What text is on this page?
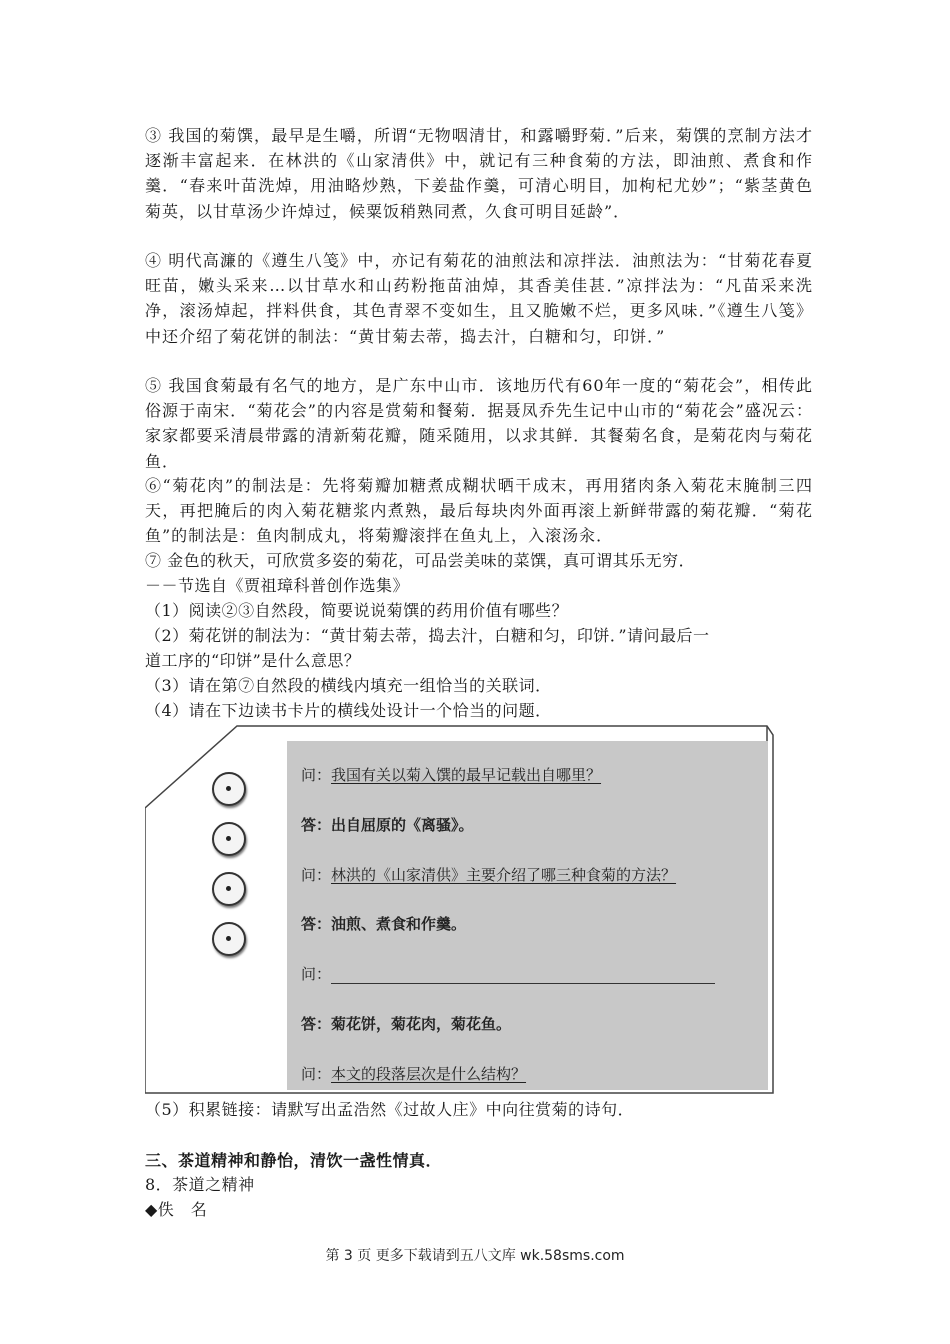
③ 我国的菊馔，最早是生嚼，所谓“无物咽清甘，和露嚼野菊．”后来，菊馔的烹制方法才逐渐丰富起来．在林洪的《山家清供》中，就记有三种食菊的方法，即油煎、煮食和作羹．“春来叶苗洗焯，用油略炒熟，下姜盐作羹，可清心明目，加枸杞尤妙”；“紫茎黄色菊英，以甘草汤少许焯过，候粟饭稍熟同煮，久食可明目延龄”．

④ 明代高濂的《遵生八笺》中，亦记有菊花的油煎法和凉拌法．油煎法为：“甘菊花春夏旺苗，嫩头采来…以甘草水和山药粉拖苗油焯，其香美佳甚．”凉拌法为：“凡苗采来洗净，滚汤焯起，拌料供食，其色青翠不变如生，且又脆嫩不烂，更多风味．”《遵生八笺》中还介绍了菊花饼的制法：“黄甘菊去蒂，捣去汁，白糖和匀，印饼．”

⑤ 我国食菊最有名气的地方，是广东中山市．该地历代有60年一度的“菊花会”，相传此俗源于南宋．“菊花会”的内容是赏菊和餐菊．据聂凤乔先生记中山市的“菊花会”盛况云：家家都要采清晨带露的清新菊花瓣，随采随用，以求其鲜．其餐菊名食，是菊花肉与菊花鱼．

⑥“菊花肉”的制法是：先将菊瓣加糖煮成糊状晒干成末，再用猪肉条入菊花末腌制三四天，再把腌后的肉入菊花糖浆内煮熟，最后每块肉外面再滚上新鲜带露的菊花瓣．“菊花鱼”的制法是：鱼肉制成丸，将菊瓣滚拌在鱼丸上，入滚汤汆．

⑦ 金色的秋天，可欣赏多姿的菊花，可品尝美味的菜馔，真可谓其乐无穷．

－－节选自《贾祖璋科普创作选集》

（1）阅读②③自然段，简要说说菊馔的药用价值有哪些？

（2）菊花饼的制法为：“黄甘菊去蒂，捣去汁，白糖和匀，印饼．”请问最后一

道工序的“印饼”是什么意思？

（3）请在第⑦自然段的横线内填充一组恰当的关联词．

（4）请在下边读书卡片的横线处设计一个恰当的问题．

问：我国有关以菊入馔的最早记载出自哪里？
答：出自屈原的《离骚》。
问：林洪的《山家清供》主要介绍了哪三种食菊的方法？
答：油煎、煮食和作羹。
问：
答：菊花饼，菊花肉，菊花鱼。
问：本文的段落层次是什么结构？

（5）积累链接：请默写出孟浩然《过故人庄》中向往赏菊的诗句．

三、茶道精神和静怡，清饮一盏性情真．

8．茶道之精神

◆佚　名

第 3 页 更多下载请到五八文库 wk.58sms.com
